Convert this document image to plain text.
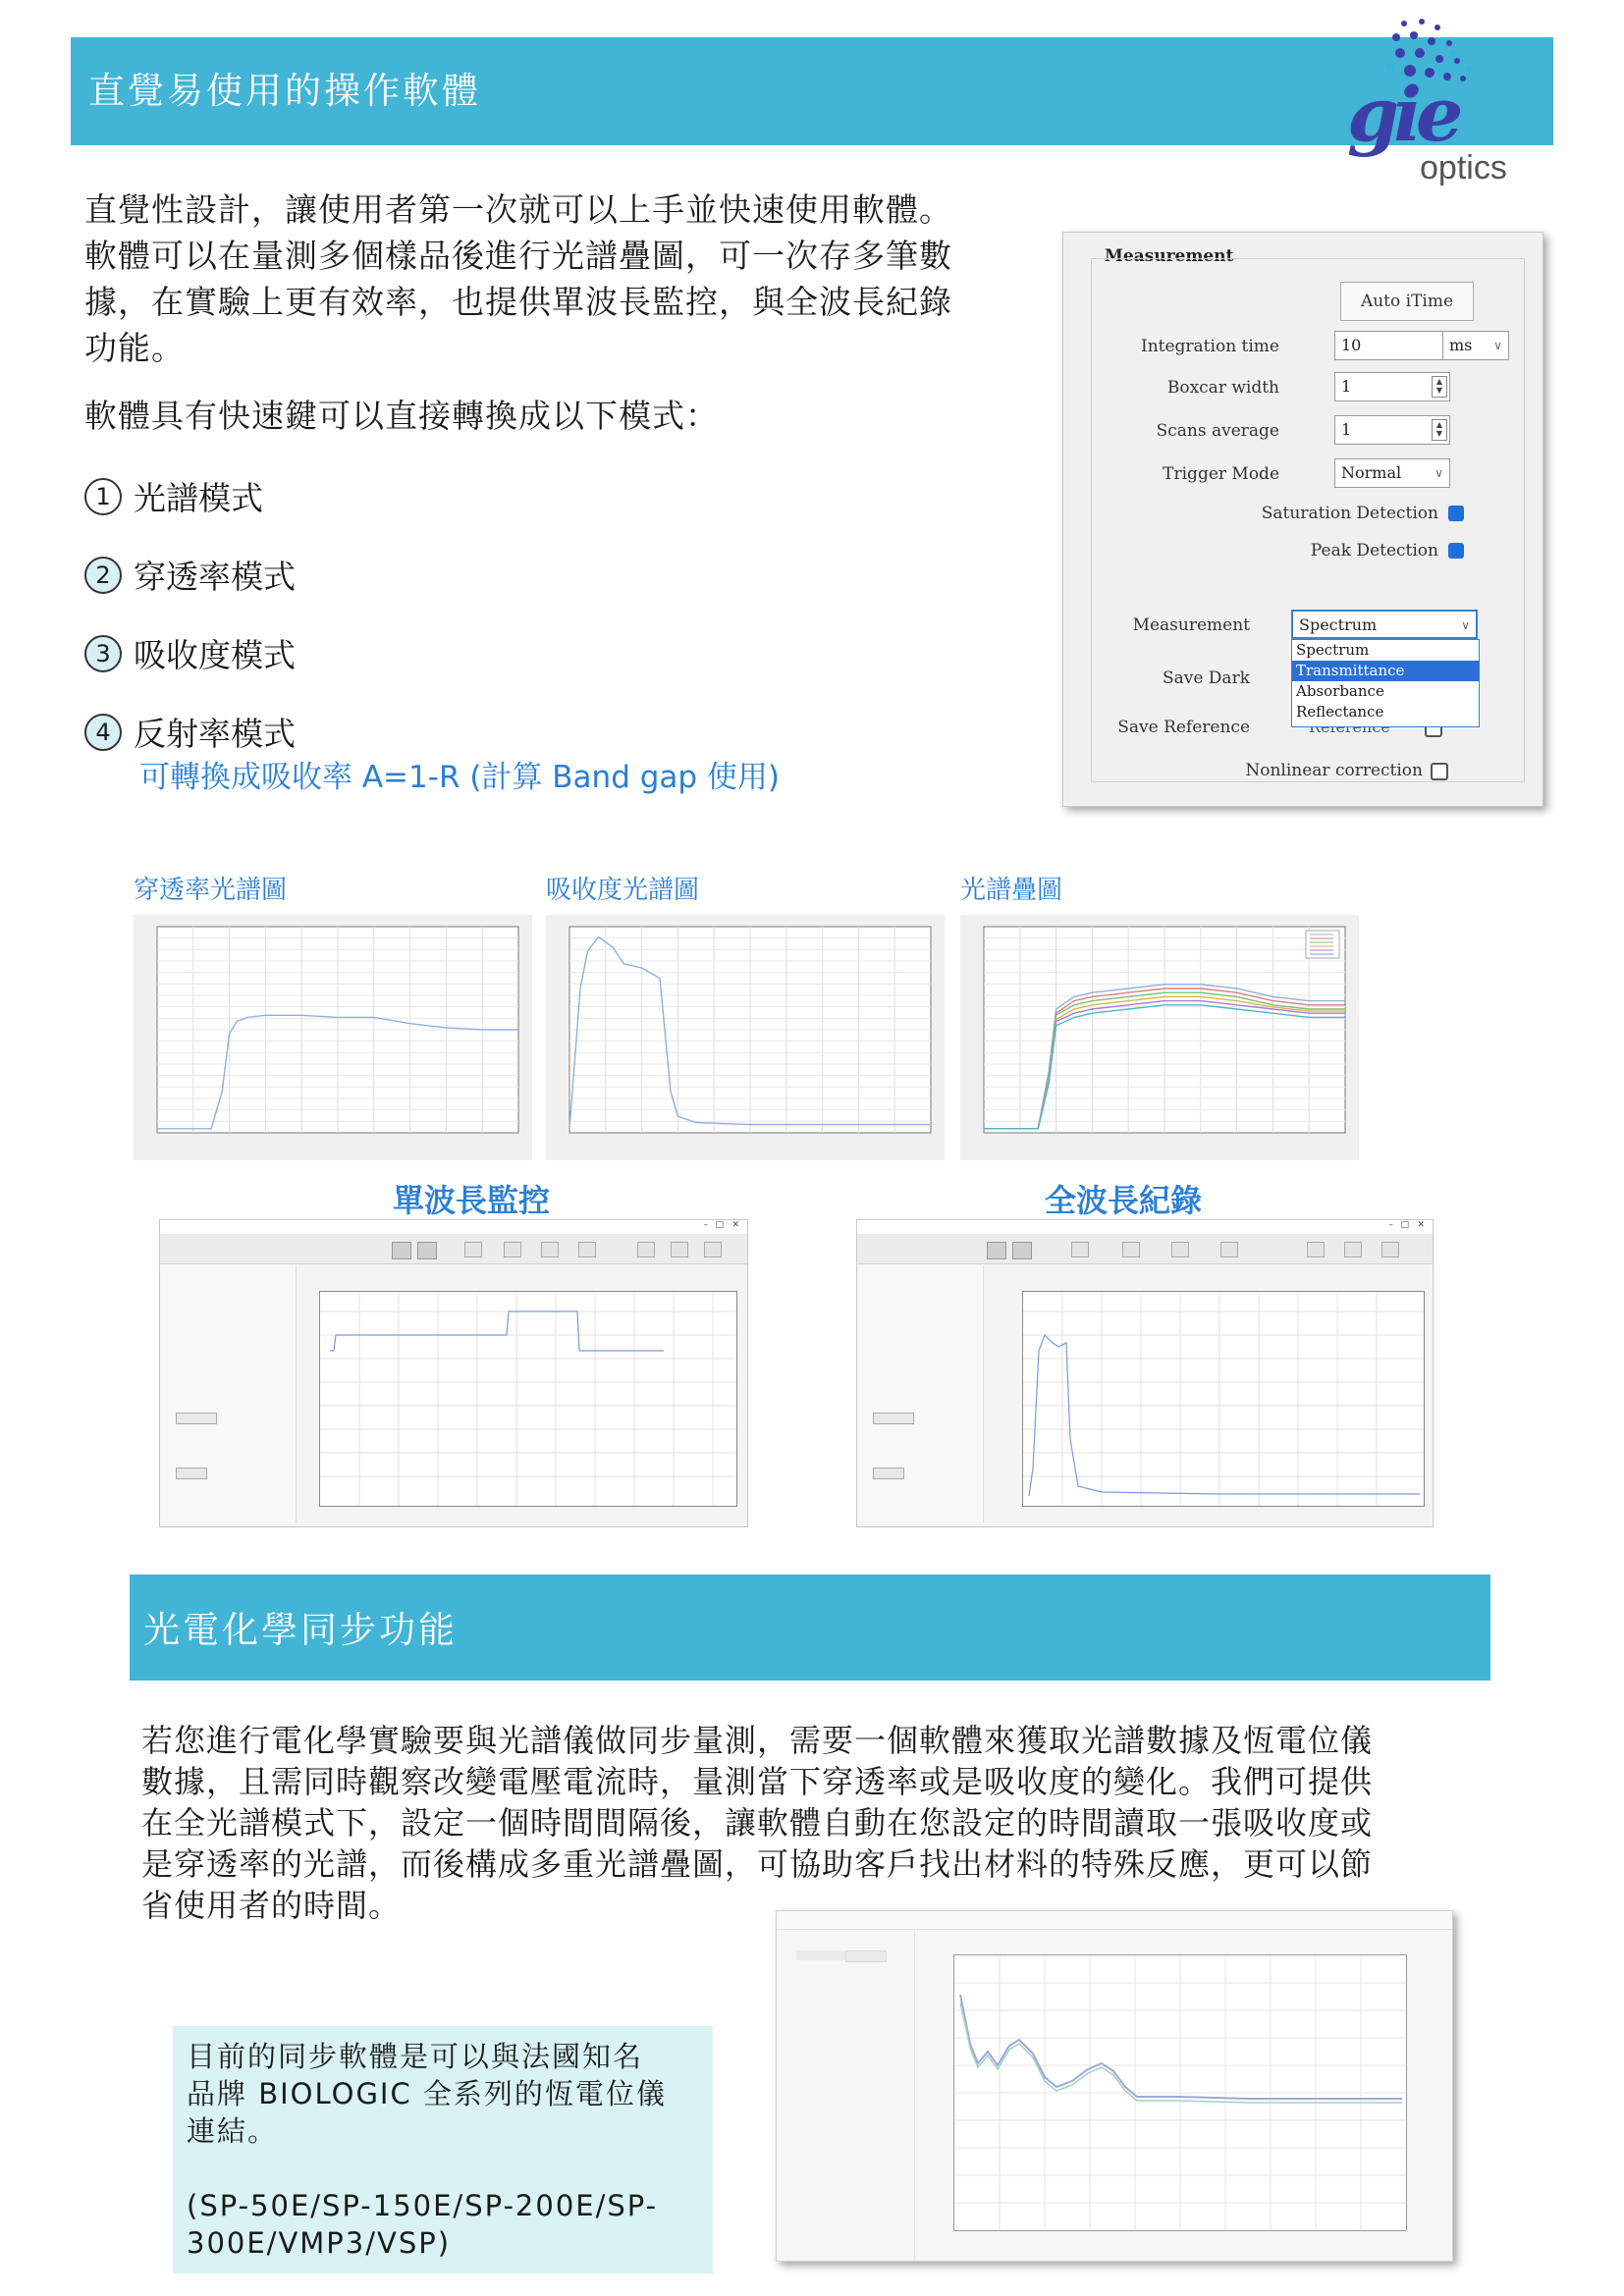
直覺易使用的操作軟體	gie
optics

直覺性設計，讓使用者第一次就可以上手並快速使用軟體。

軟體可以在量測多個樣品後進行光譜疊圖，可一次存多筆數

據，在實驗上更有效率，也提供單波長監控，與全波長紀錄

功能。

軟體具有快速鍵可以直接轉換成以下模式：

1 光譜模式
2 穿透率模式
3 吸收度模式
4 反射率模式
可轉換成吸收率 A=1-R (計算 Band gap 使用)
Measurement
Auto iTime
Integration time	10	ms ∨
Boxcar width	1	▲
▼
Scans average	1	▲
▼
Trigger Mode	Normal	∨
Saturation Detection
Peak Detection
Measurement	Spectrum	∨
Save Dark
Save Reference
Spectrum
Transmittance
Absorbance
Reflectance
Nonlinear correction
穿透率光譜圖	吸收度光譜圖	光譜疊圖
單波長監控	全波長紀錄
✕
□
–	✕
□
–
光電化學同步功能

若您進行電化學實驗要與光譜儀做同步量測，需要一個軟體來獲取光譜數據及恆電位儀

數據，且需同時觀察改變電壓電流時，量測當下穿透率或是吸收度的變化。我們可提供

在全光譜模式下，設定一個時間間隔後，讓軟體自動在您設定的時間讀取一張吸收度或

是穿透率的光譜，而後構成多重光譜疊圖，可協助客戶找出材料的特殊反應，更可以節

省使用者的時間。

目前的同步軟體是可以與法國知名
品牌 BIOLOGIC 全系列的恆電位儀
連結。
(SP-50E/SP-150E/SP-200E/SP-
300E/VMP3/VSP)
